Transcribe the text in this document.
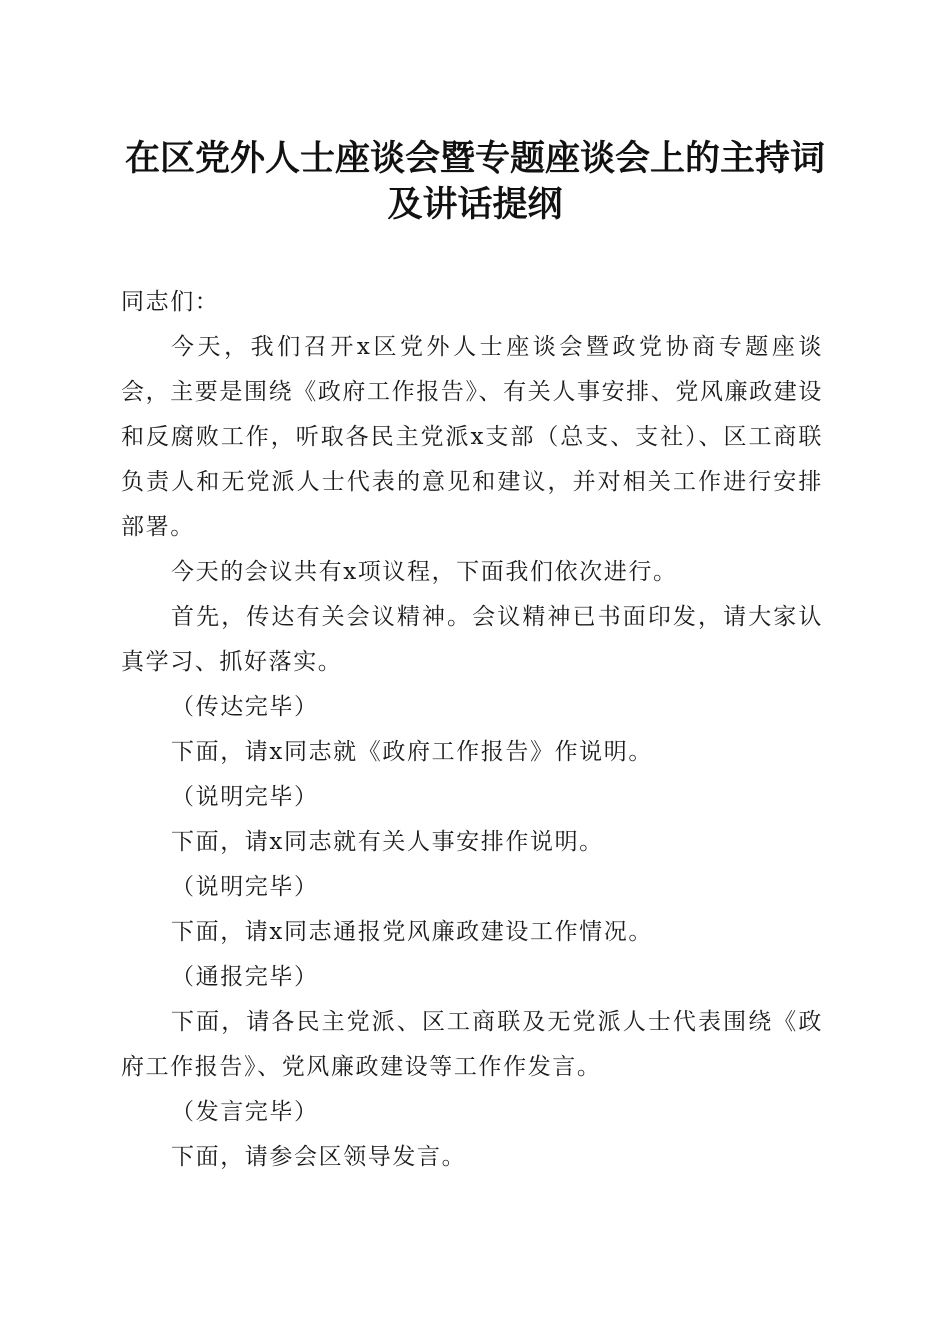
在区党外人士座谈会暨专题座谈会上的主持词
及讲话提纲

同志们：

今天，我们召开x区党外人士座谈会暨政党协商专题座谈会，主要是围绕《政府工作报告》、有关人事安排、党风廉政建设和反腐败工作，听取各民主党派x支部（总支、支社）、区工商联负责人和无党派人士代表的意见和建议，并对相关工作进行安排部署。

今天的会议共有x项议程，下面我们依次进行。

首先，传达有关会议精神。会议精神已书面印发，请大家认真学习、抓好落实。

（传达完毕）

下面，请x同志就《政府工作报告》作说明。

（说明完毕）

下面，请x同志就有关人事安排作说明。

（说明完毕）

下面，请x同志通报党风廉政建设工作情况。

（通报完毕）

下面，请各民主党派、区工商联及无党派人士代表围绕《政府工作报告》、党风廉政建设等工作作发言。

（发言完毕）

下面，请参会区领导发言。
